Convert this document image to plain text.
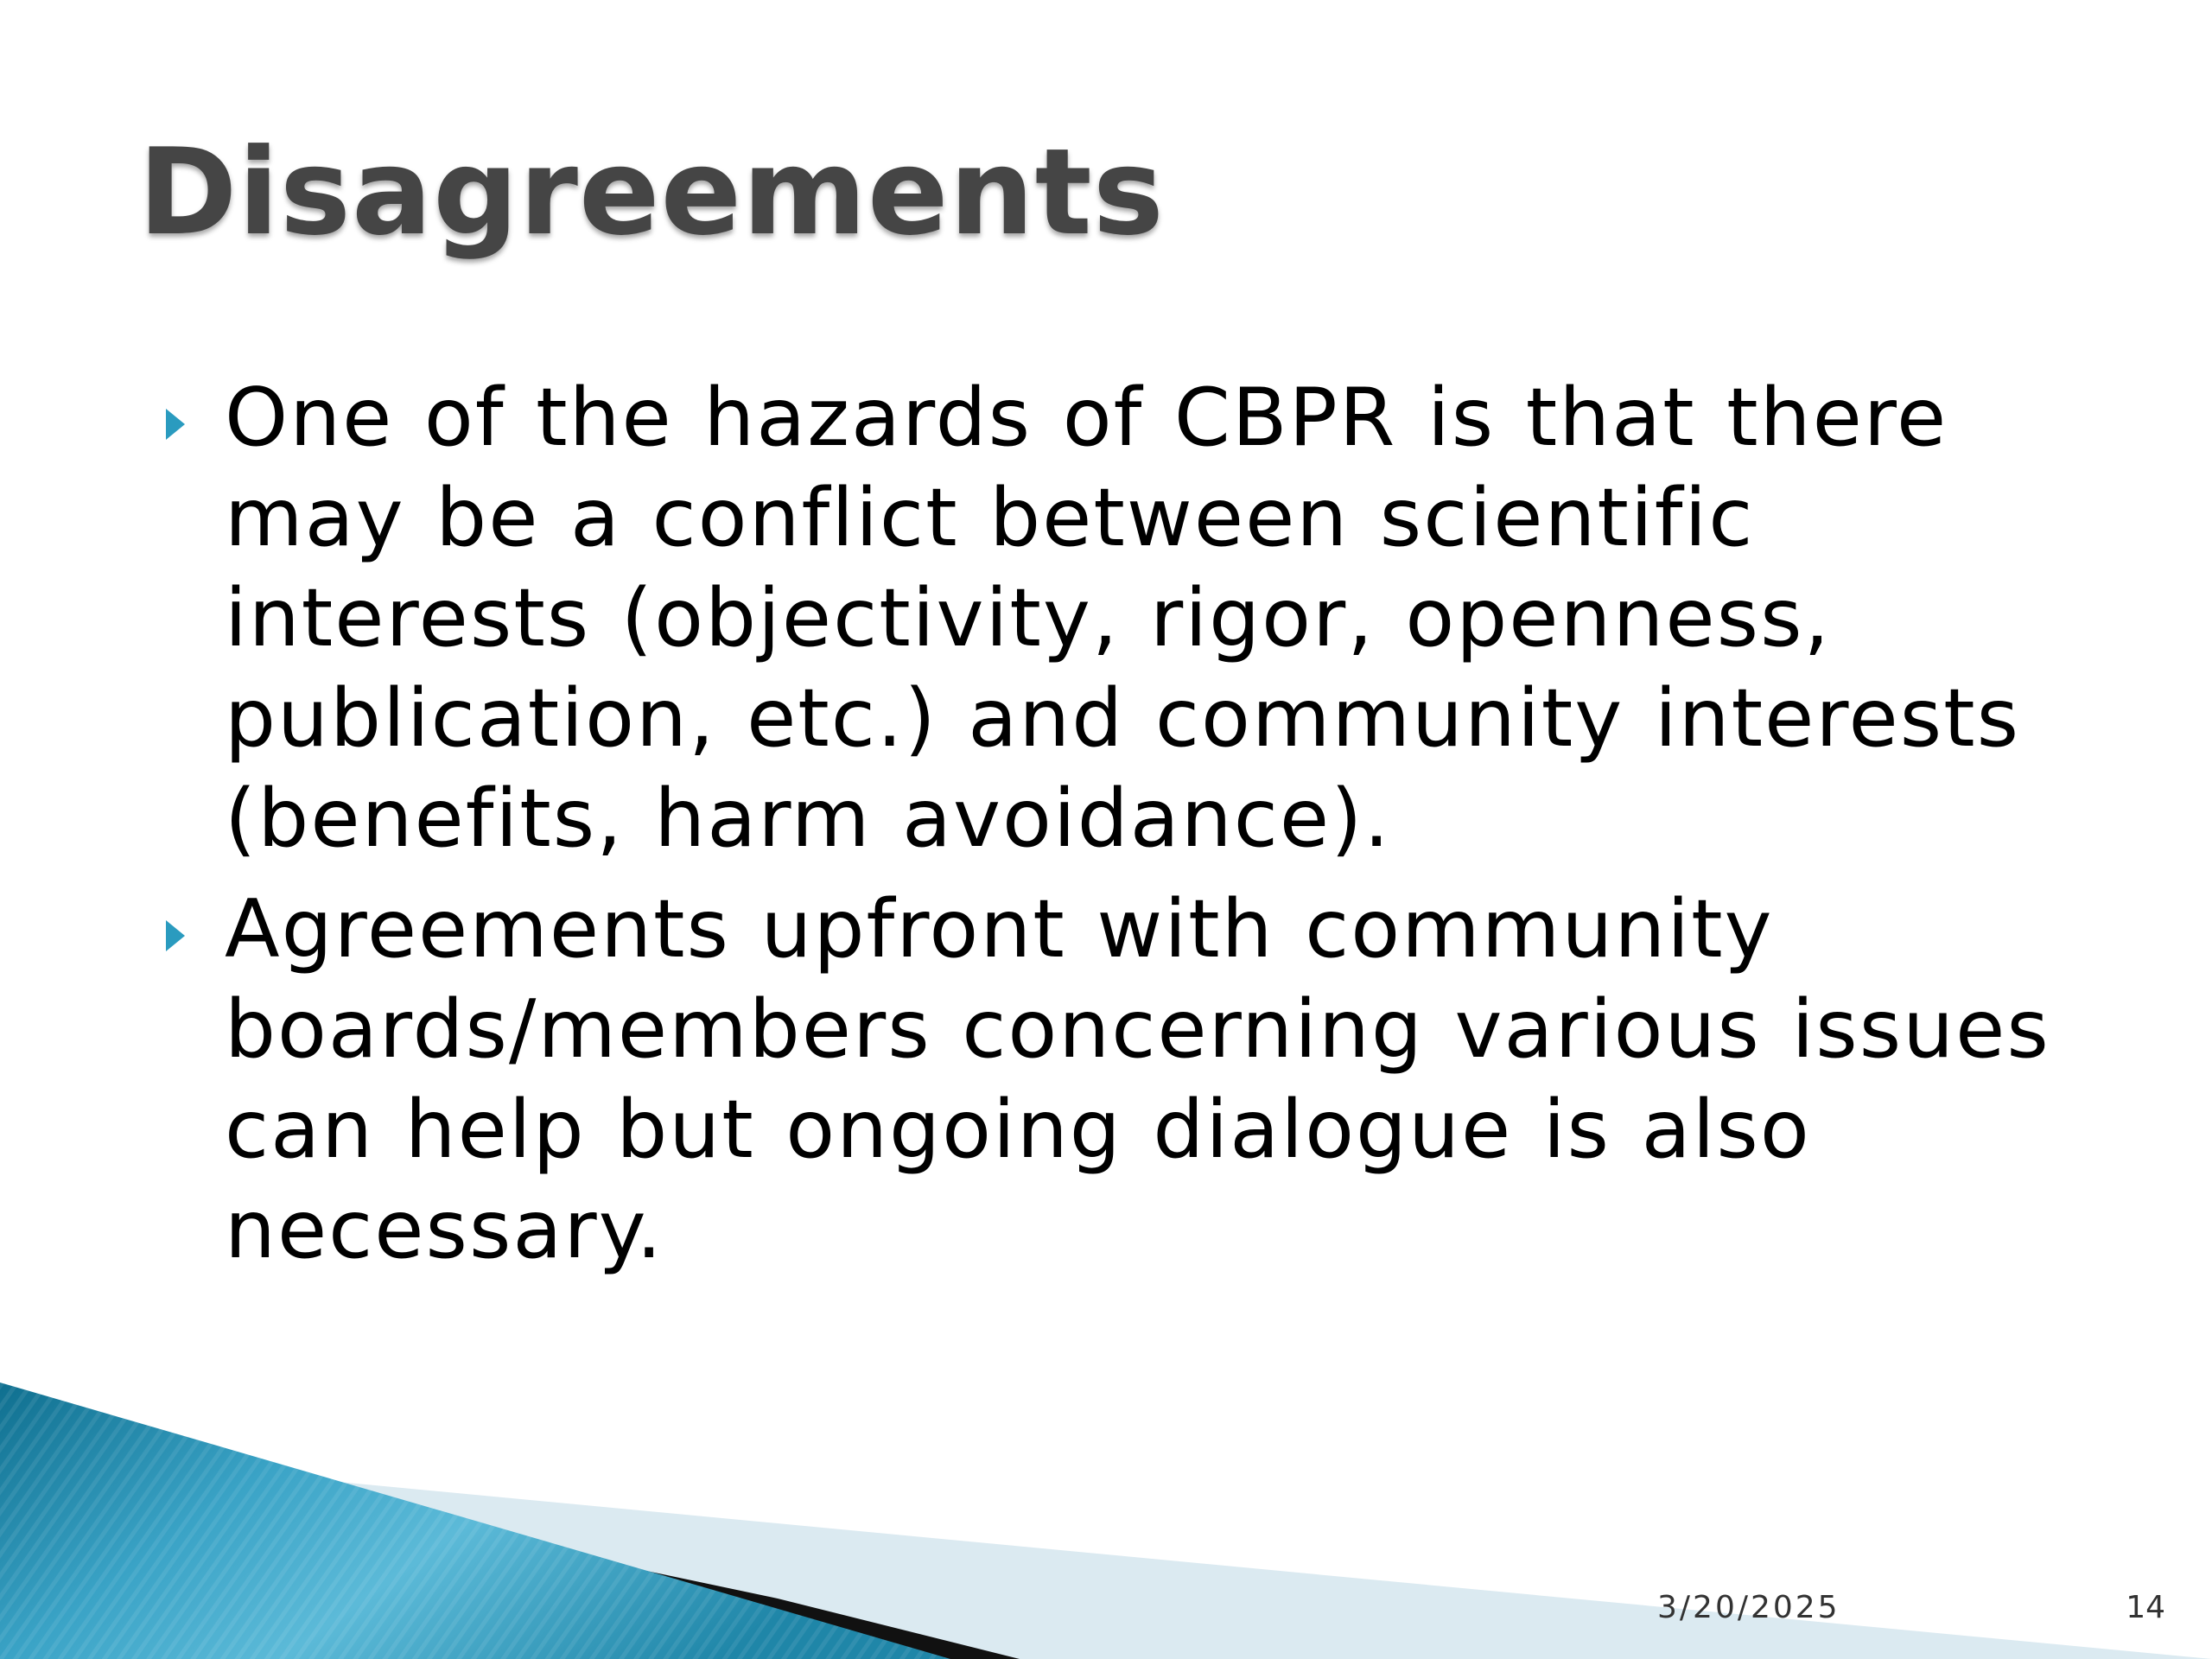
Disagreements
One of the hazards of CBPR is that there may be a conflict between scientific interests (objectivity, rigor, openness, publication, etc.) and community interests (benefits, harm avoidance).
Agreements upfront with community boards/members concerning various issues can help but ongoing dialogue is also necessary.
3/20/2025	14
